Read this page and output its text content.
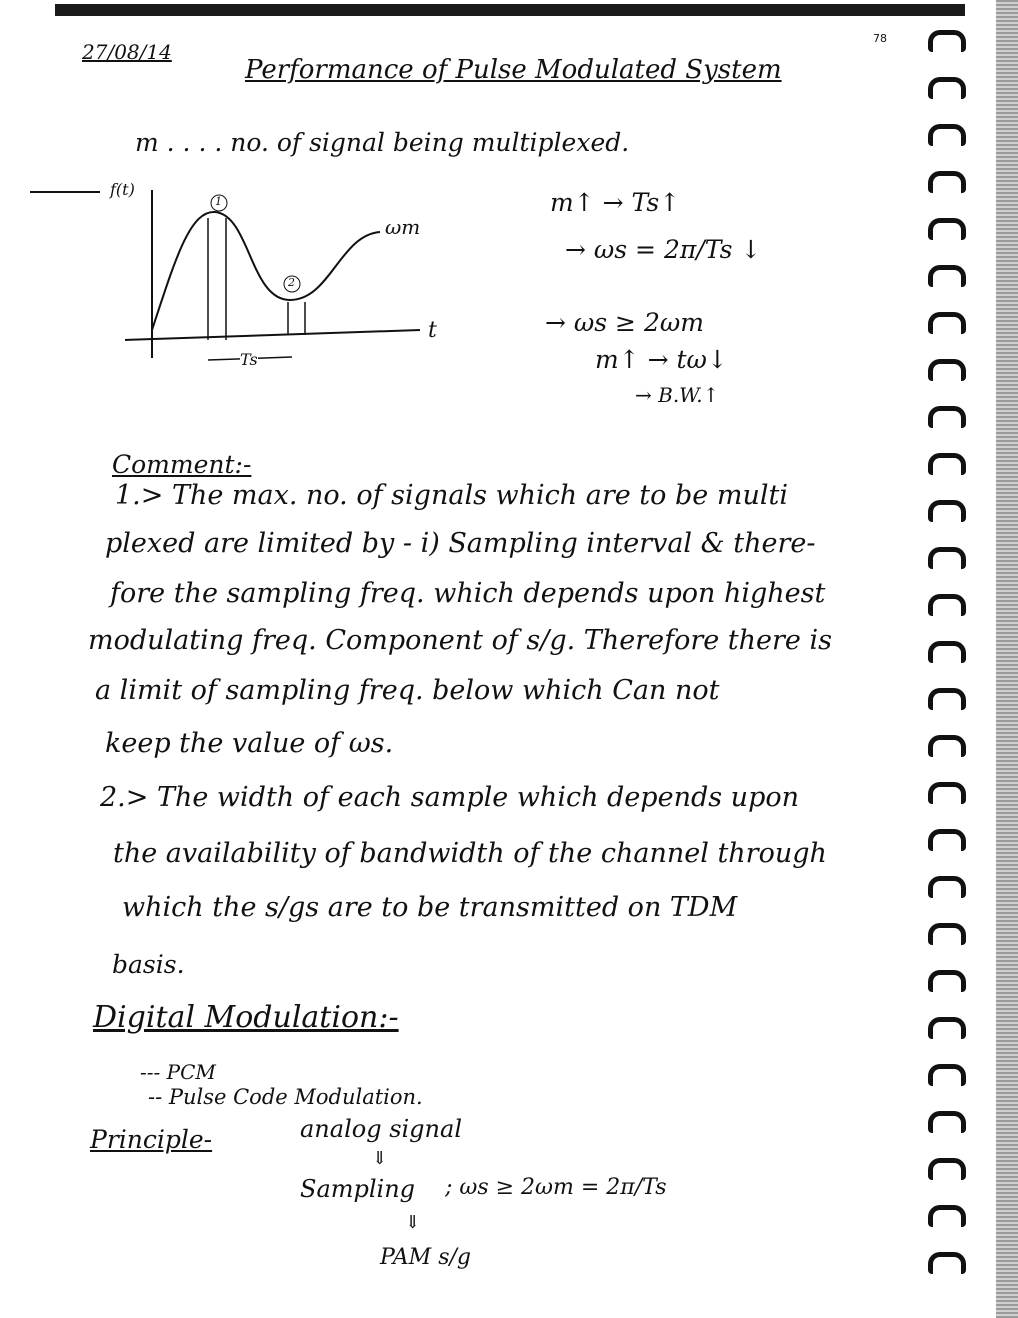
78
27/08/14
Performance of Pulse Modulated System
m . . . . no. of signal being multiplexed.
f(t)
t
ωm
1
2
Ts
m↑ → Ts↑
→ ωs = 2π/Ts ↓
→ ωs ≥ 2ωm
m↑ → tω↓
→ B.W.↑
Comment:-
1.> The max. no. of signals which are to be multi
plexed are limited by - i) Sampling interval & there-
fore the sampling freq. which depends upon highest
modulating freq. Component of s/g. Therefore there is
a limit of sampling freq. below which Can not
keep the value of ωs.
2.> The width of each sample which depends upon
the availability of bandwidth of the channel through
which the s/gs are to be transmitted on TDM
basis.
Digital Modulation:-
--- PCM
-- Pulse Code Modulation.
Principle-	analog signal
⇓
Sampling ; ωs ≥ 2ωm = 2π/Ts
⇓
PAM s/g
